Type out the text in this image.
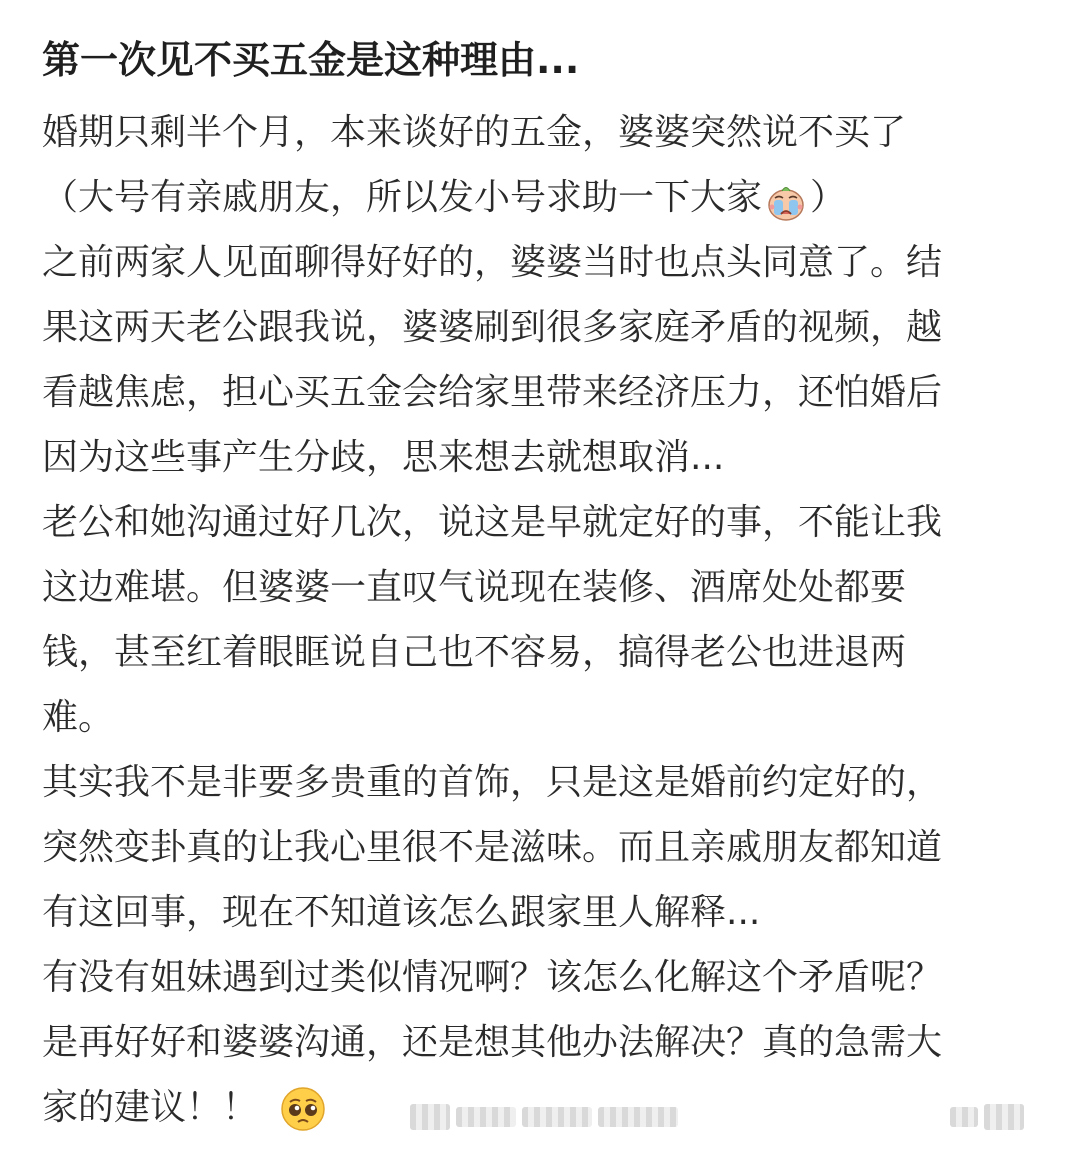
第一次见不买五金是这种理由...
婚期只剩半个月，本来谈好的五金，婆婆突然说不买了
（大号有亲戚朋友，所以发小号求助一下大家 ）
之前两家人见面聊得好好的，婆婆当时也点头同意了。结
果这两天老公跟我说，婆婆刷到很多家庭矛盾的视频，越
看越焦虑，担心买五金会给家里带来经济压力，还怕婚后
因为这些事产生分歧，思来想去就想取消...
老公和她沟通过好几次，说这是早就定好的事，不能让我
这边难堪。但婆婆一直叹气说现在装修、酒席处处都要
钱，甚至红着眼眶说自己也不容易，搞得老公也进退两
难。
其实我不是非要多贵重的首饰，只是这是婚前约定好的，
突然变卦真的让我心里很不是滋味。而且亲戚朋友都知道
有这回事，现在不知道该怎么跟家里人解释...
有没有姐妹遇到过类似情况啊？该怎么化解这个矛盾呢？
是再好好和婆婆沟通，还是想其他办法解决？真的急需大
家的建议！！
